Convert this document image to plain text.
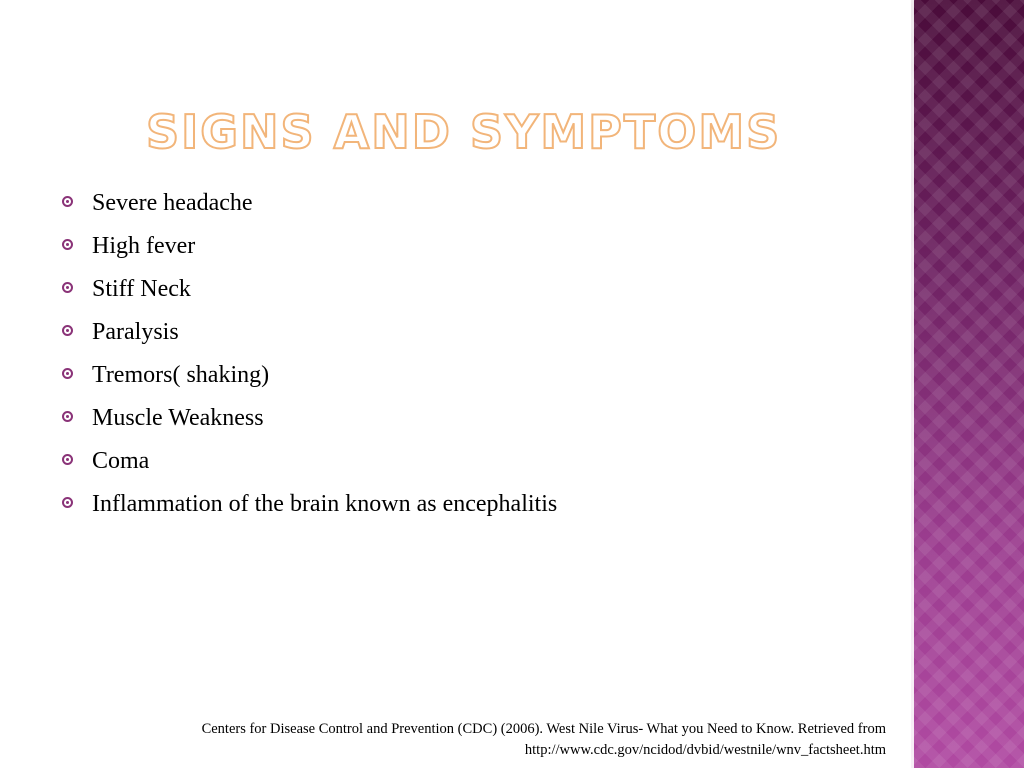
SIGNS AND SYMPTOMS
Severe headache
High fever
Stiff Neck
Paralysis
Tremors( shaking)
Muscle Weakness
Coma
Inflammation of the brain known as encephalitis
Centers for Disease Control and Prevention (CDC) (2006). West Nile Virus- What you Need to Know. Retrieved from
http://www.cdc.gov/ncidod/dvbid/westnile/wnv_factsheet.htm
